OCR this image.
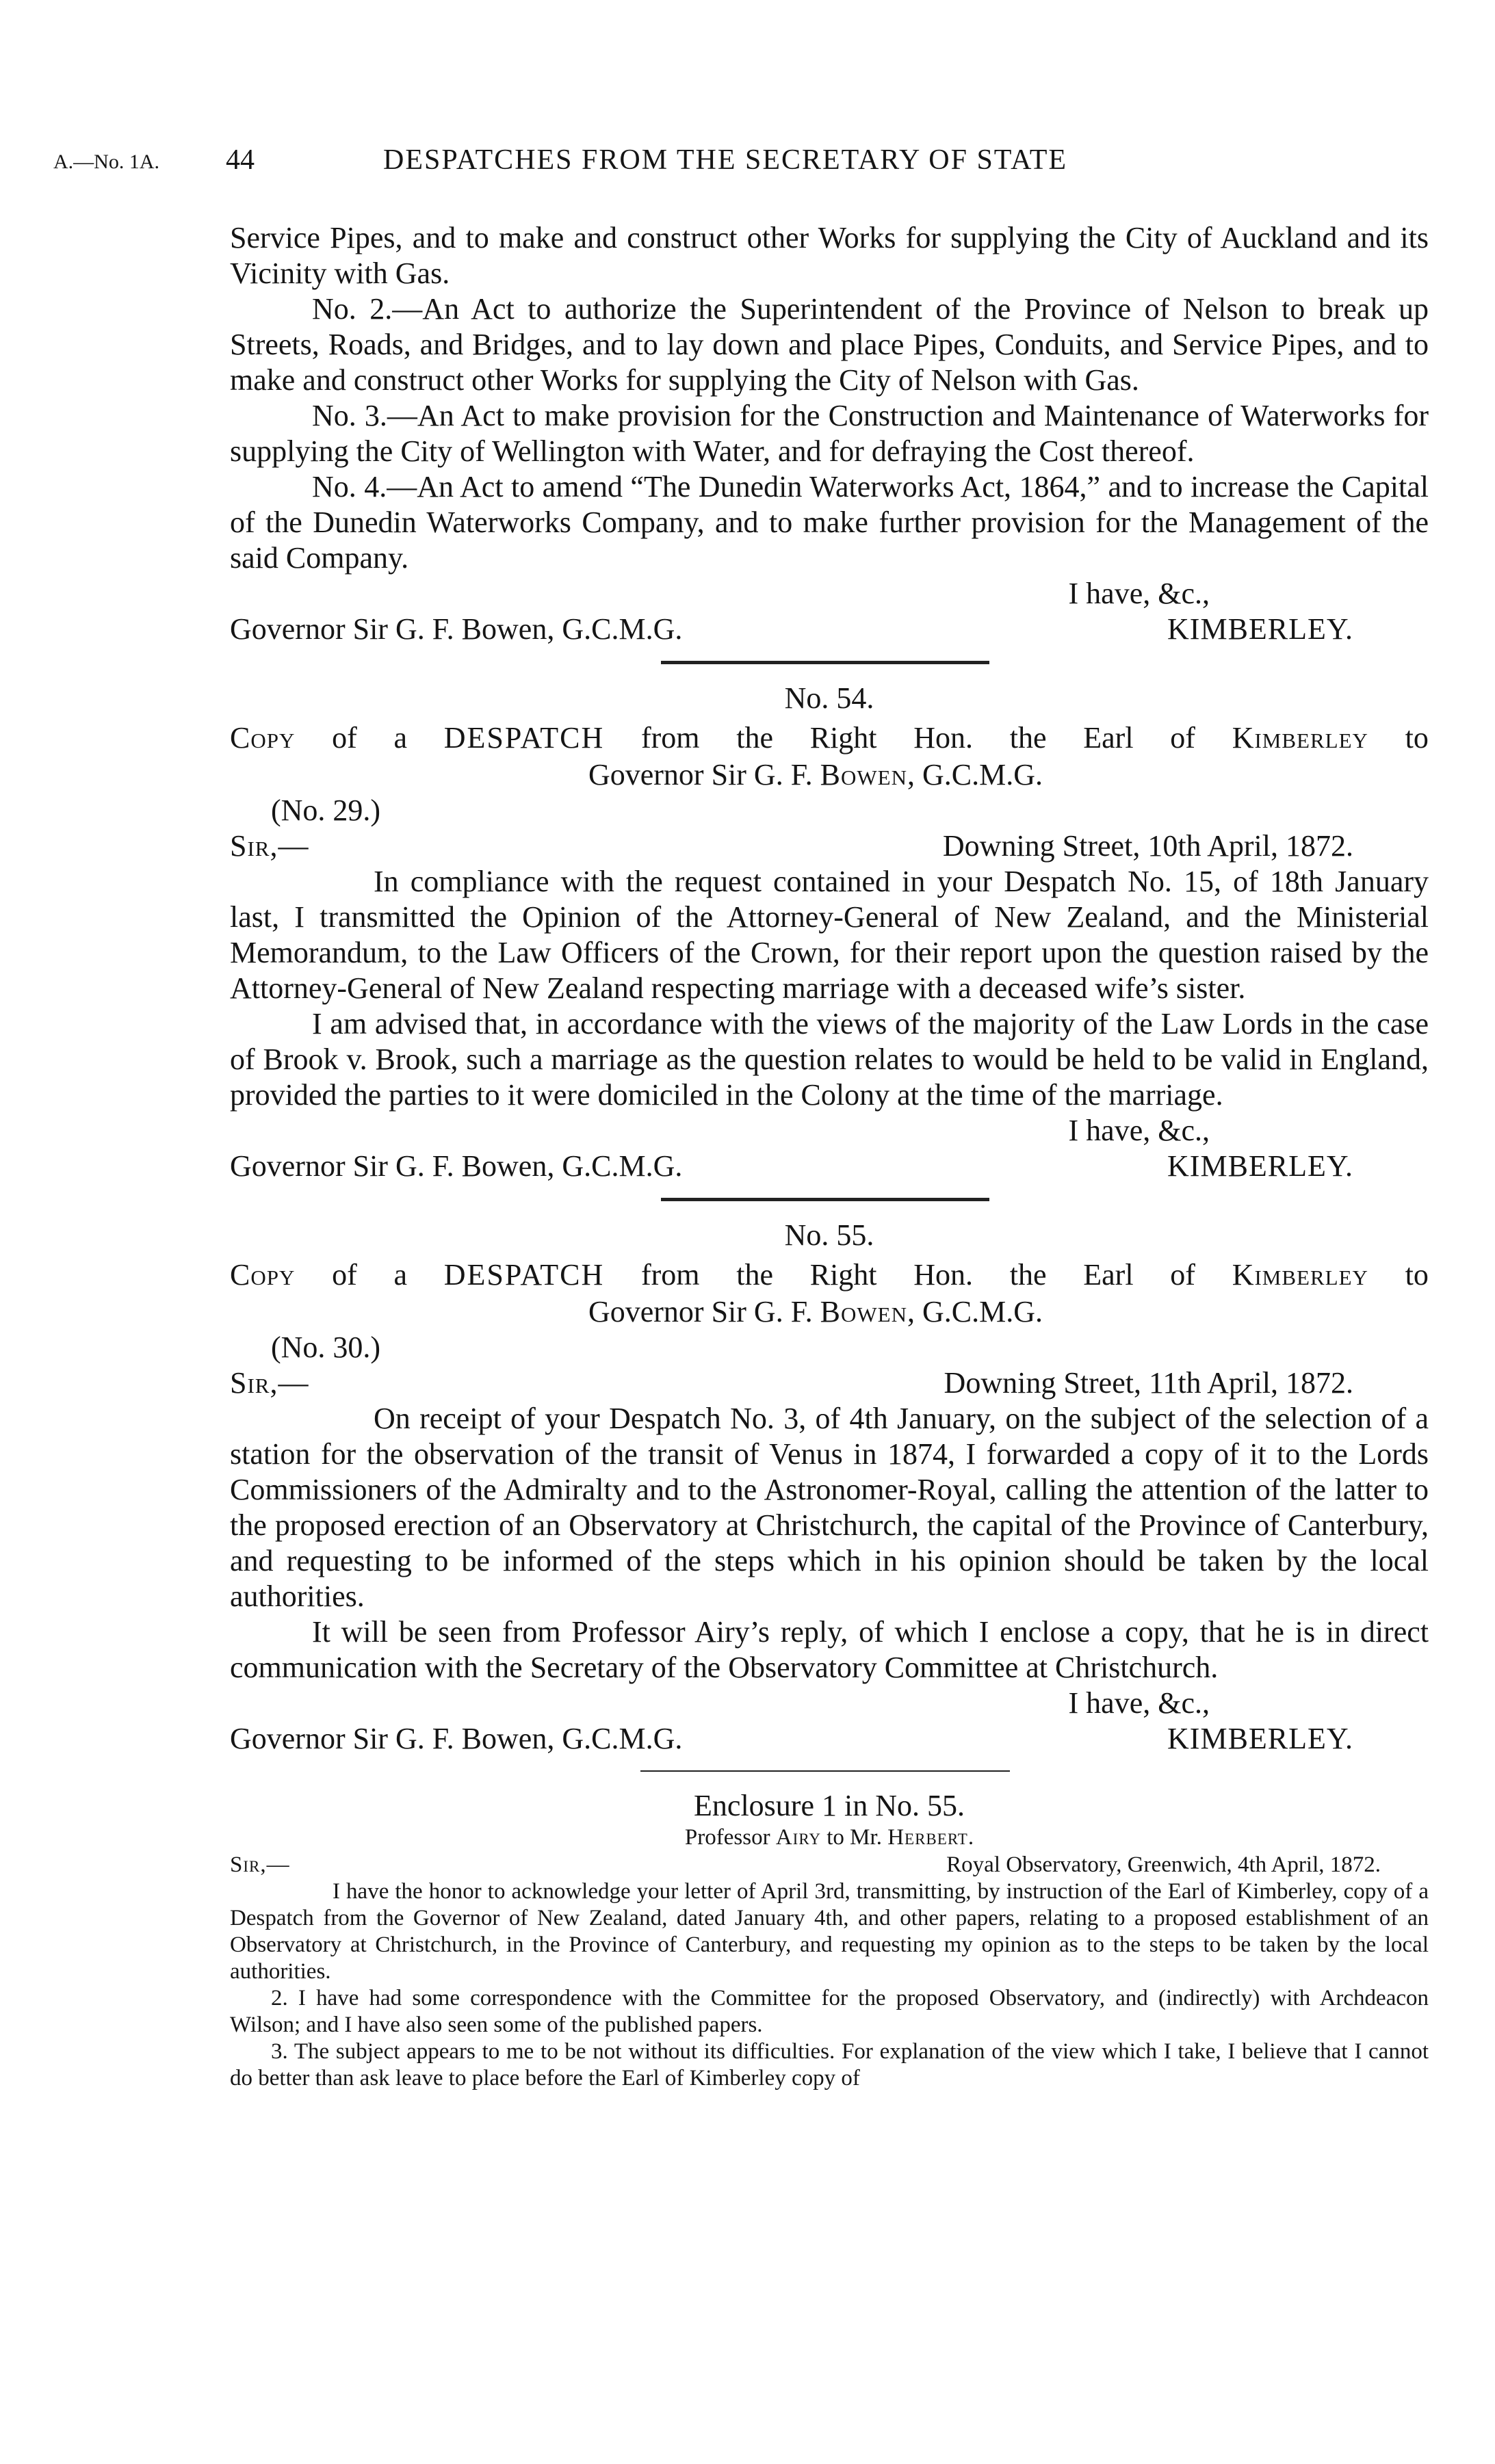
A.—No. 1A. 44	DESPATCHES FROM THE SECRETARY OF STATE

Service Pipes, and to make and construct other Works for supplying the City of Auckland and its Vicinity with Gas.

No. 2.—An Act to authorize the Superintendent of the Province of Nelson to break up Streets, Roads, and Bridges, and to lay down and place Pipes, Conduits, and Service Pipes, and to make and construct other Works for supplying the City of Nelson with Gas.

No. 3.—An Act to make provision for the Construction and Maintenance of Waterworks for supplying the City of Wellington with Water, and for defraying the Cost thereof.

No. 4.—An Act to amend “The Dunedin Waterworks Act, 1864,” and to increase the Capital of the Dunedin Waterworks Company, and to make further provision for the Management of the said Company.

I have, &c.,
Governor Sir G. F. Bowen, G.C.M.G.	KIMBERLEY.
No. 54.
Copy of a DESPATCH from the Right Hon. the Earl of Kimberley to
Governor Sir G. F. Bowen, G.C.M.G.
(No. 29.)
Sir,—	Downing Street, 10th April, 1872.

In compliance with the request contained in your Despatch No. 15, of 18th January last, I transmitted the Opinion of the Attorney-General of New Zealand, and the Ministerial Memorandum, to the Law Officers of the Crown, for their report upon the question raised by the Attorney-General of New Zealand respecting marriage with a deceased wife’s sister.

I am advised that, in accordance with the views of the majority of the Law Lords in the case of Brook v. Brook, such a marriage as the question relates to would be held to be valid in England, provided the parties to it were domiciled in the Colony at the time of the marriage.

I have, &c.,
Governor Sir G. F. Bowen, G.C.M.G.	KIMBERLEY.
No. 55.
Copy of a DESPATCH from the Right Hon. the Earl of Kimberley to
Governor Sir G. F. Bowen, G.C.M.G.
(No. 30.)
Sir,—	Downing Street, 11th April, 1872.

On receipt of your Despatch No. 3, of 4th January, on the subject of the selection of a station for the observation of the transit of Venus in 1874, I forwarded a copy of it to the Lords Commissioners of the Admiralty and to the Astronomer-Royal, calling the attention of the latter to the proposed erection of an Observatory at Christchurch, the capital of the Province of Canterbury, and requesting to be informed of the steps which in his opinion should be taken by the local authorities.

It will be seen from Professor Airy’s reply, of which I enclose a copy, that he is in direct communication with the Secretary of the Observatory Committee at Christchurch.

I have, &c.,
Governor Sir G. F. Bowen, G.C.M.G.	KIMBERLEY.
Enclosure 1 in No. 55.
Professor Airy to Mr. Herbert.
Sir,—	Royal Observatory, Greenwich, 4th April, 1872.

I have the honor to acknowledge your letter of April 3rd, transmitting, by instruction of the Earl of Kimberley, copy of a Despatch from the Governor of New Zealand, dated January 4th, and other papers, relating to a proposed establishment of an Observatory at Christchurch, in the Province of Canterbury, and requesting my opinion as to the steps to be taken by the local authorities.

2. I have had some correspondence with the Committee for the proposed Observatory, and (indirectly) with Archdeacon Wilson; and I have also seen some of the published papers.

3. The subject appears to me to be not without its difficulties. For explanation of the view which I take, I believe that I cannot do better than ask leave to place before the Earl of Kimberley copy of
